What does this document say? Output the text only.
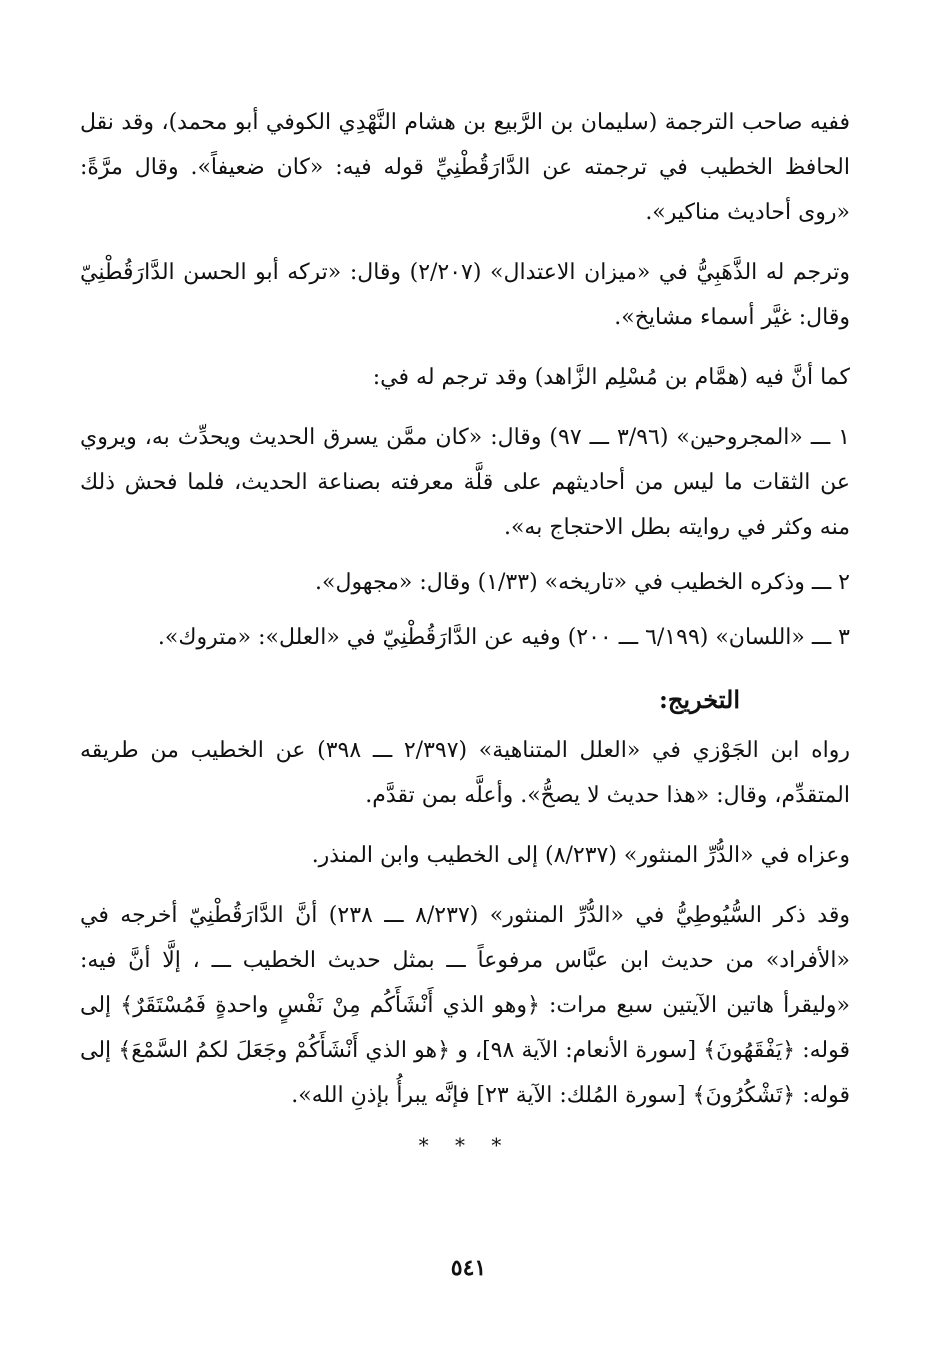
ففيه صاحب الترجمة (سليمان بن الرَّبيع بن هشام النَّهْدِي الكوفي أبو محمد)، وقد نقل الحافظ الخطيب في ترجمته عن الدَّارَقُطْنِيِّ قوله فيه: «كان ضعيفاً». وقال مرَّةً: «روى أحاديث مناكير».

وترجم له الذَّهَبِيُّ في «ميزان الاعتدال» (٢/٢٠٧) وقال: «تركه أبو الحسن الدَّارَقُطْنِيّ وقال: غيَّر أسماء مشايخ».

كما أنَّ فيه (همَّام بن مُسْلِم الزَّاهد) وقد ترجم له في:

١ ـــ «المجروحين» (٣/٩٦ ـــ ٩٧) وقال: «كان ممَّن يسرق الحديث ويحدِّث به، ويروي عن الثقات ما ليس من أحاديثهم على قلَّة معرفته بصناعة الحديث، فلما فحش ذلك منه وكثر في روايته بطل الاحتجاج به».

٢ ـــ وذكره الخطيب في «تاريخه» (١/٣٣) وقال: «مجهول».

٣ ـــ «اللسان» (٦/١٩٩ ـــ ٢٠٠) وفيه عن الدَّارَقُطْنِيّ في «العلل»: «متروك».

التخريج:

رواه ابن الجَوْزي في «العلل المتناهية» (٢/٣٩٧ ـــ ٣٩٨) عن الخطيب من طريقه المتقدِّم، وقال: «هذا حديث لا يصحُّ». وأعلَّه بمن تقدَّم.

وعزاه في «الدُّرِّ المنثور» (٨/٢٣٧) إلى الخطيب وابن المنذر.

وقد ذكر السُّيُوطِيُّ في «الدُّرِّ المنثور» (٨/٢٣٧ ـــ ٢٣٨) أنَّ الدَّارَقُطْنِيّ أخرجه في «الأفراد» من حديث ابن عبَّاس مرفوعاً ـــ بمثل حديث الخطيب ـــ ، إلَّا أنَّ فيه: «وليقرأ هاتين الآيتين سبع مرات: ﴿وهو الذي أَنْشَأَكُم مِنْ نَفْسٍ واحدةٍ فَمُسْتَقَرٌ﴾ إلى قوله: ﴿يَفْقَهُونَ﴾ [سورة الأنعام: الآية ٩٨]، و ﴿هو الذي أَنْشَأَكُمْ وجَعَلَ لكمُ السَّمْعَ﴾ إلى قوله: ﴿تَشْكُرُونَ﴾ [سورة المُلك: الآية ٢٣] فإنَّه يبرأُ بإذنِ الله».

* * *
٥٤١
